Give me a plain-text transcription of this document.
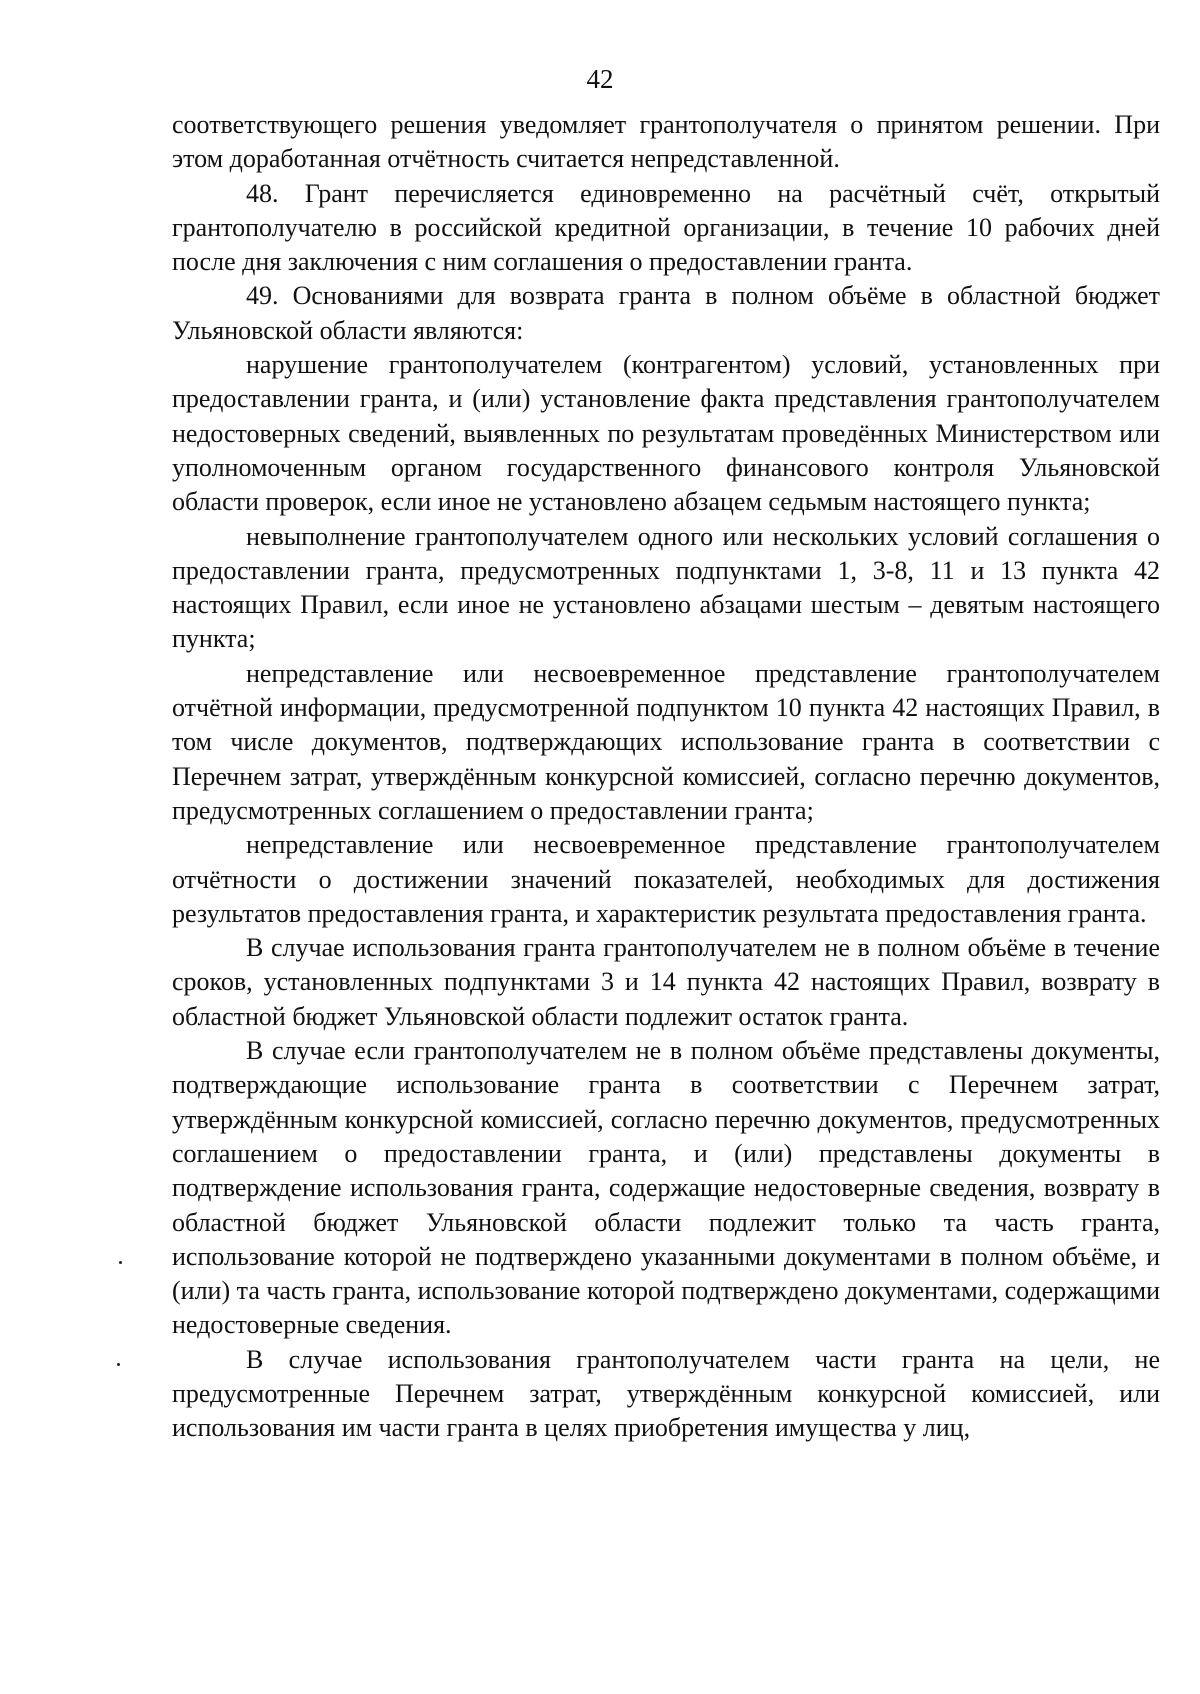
42

соответствующего решения уведомляет грантополучателя о принятом решении. При этом доработанная отчётность считается непредставленной.

48. Грант перечисляется единовременно на расчётный счёт, открытый грантополучателю в российской кредитной организации, в течение 10 рабочих дней после дня заключения с ним соглашения о предоставлении гранта.

49. Основаниями для возврата гранта в полном объёме в областной бюджет Ульяновской области являются:

нарушение грантополучателем (контрагентом) условий, установленных при предоставлении гранта, и (или) установление факта представления грантополучателем недостоверных сведений, выявленных по результатам проведённых Министерством или уполномоченным органом государственного финансового контроля Ульяновской области проверок, если иное не установлено абзацем седьмым настоящего пункта;

невыполнение грантополучателем одного или нескольких условий соглашения о предоставлении гранта, предусмотренных подпунктами 1, 3-8, 11 и 13 пункта 42 настоящих Правил, если иное не установлено абзацами шестым – девятым настоящего пункта;

непредставление или несвоевременное представление грантополучателем отчётной информации, предусмотренной подпунктом 10 пункта 42 настоящих Правил, в том числе документов, подтверждающих использование гранта в соответствии с Перечнем затрат, утверждённым конкурсной комиссией, согласно перечню документов, предусмотренных соглашением о предоставлении гранта;

непредставление или несвоевременное представление грантополучателем отчётности о достижении значений показателей, необходимых для достижения результатов предоставления гранта, и характеристик результата предоставления гранта.

В случае использования гранта грантополучателем не в полном объёме в течение сроков, установленных подпунктами 3 и 14 пункта 42 настоящих Правил, возврату в областной бюджет Ульяновской области подлежит остаток гранта.

В случае если грантополучателем не в полном объёме представлены документы, подтверждающие использование гранта в соответствии с Перечнем затрат, утверждённым конкурсной комиссией, согласно перечню документов, предусмотренных соглашением о предоставлении гранта, и (или) представлены документы в подтверждение использования гранта, содержащие недостоверные сведения, возврату в областной бюджет Ульяновской области подлежит только та часть гранта, использование которой не подтверждено указанными документами в полном объёме, и (или) та часть гранта, использование которой подтверждено документами, содержащими недостоверные сведения.

В случае использования грантополучателем части гранта на цели, не предусмотренные Перечнем затрат, утверждённым конкурсной комиссией, или использования им части гранта в целях приобретения имущества у лиц,
